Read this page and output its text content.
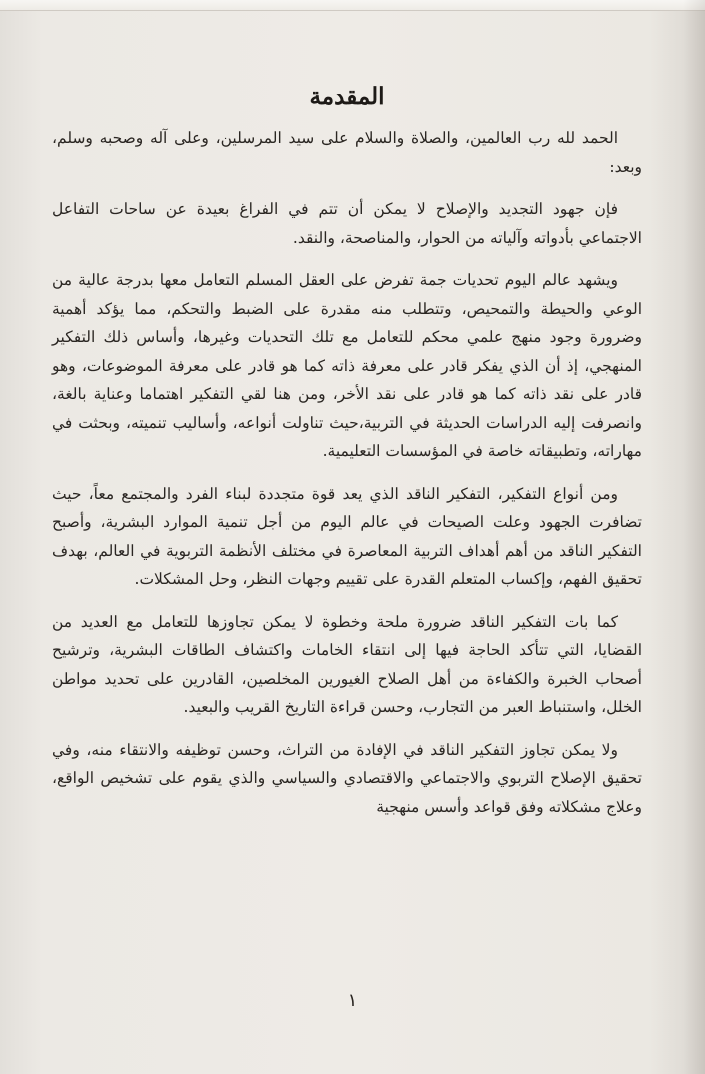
المقدمة

الحمد لله رب العالمين، والصلاة والسلام على سيد المرسلين، وعلى آله وصحبه وسلم، وبعد:

فإن جهود التجديد والإصلاح لا يمكن أن تتم في الفراغ بعيدة عن ساحات التفاعل الاجتماعي بأدواته وآلياته من الحوار، والمناصحة، والنقد.

ويشهد عالم اليوم تحديات جمة تفرض على العقل المسلم التعامل معها بدرجة عالية من الوعي والحيطة والتمحيص، وتتطلب منه مقدرة على الضبط والتحكم، مما يؤكد أهمية وضرورة وجود منهج علمي محكم للتعامل مع تلك التحديات وغيرها، وأساس ذلك التفكير المنهجي، إذ أن الذي يفكر قادر على معرفة ذاته كما هو قادر على معرفة الموضوعات، وهو قادر على نقد ذاته كما هو قادر على نقد الأخر، ومن هنا لقي التفكير اهتماما وعناية بالغة، وانصرفت إليه الدراسات الحديثة في التربية،حيث تناولت أنواعه، وأساليب تنميته، وبحثت في مهاراته، وتطبيقاته خاصة في المؤسسات التعليمية.

ومن أنواع التفكير، التفكير الناقد الذي يعد قوة متجددة لبناء الفرد والمجتمع معاً، حيث تضافرت الجهود وعلت الصيحات في عالم اليوم من أجل تنمية الموارد البشرية، وأصبح التفكير الناقد من أهم أهداف التربية المعاصرة في مختلف الأنظمة التربوية في العالم، بهدف تحقيق الفهم، وإكساب المتعلم القدرة على تقييم وجهات النظر، وحل المشكلات.

كما بات التفكير الناقد ضرورة ملحة وخطوة لا يمكن تجاوزها للتعامل مع العديد من القضايا، التي تتأكد الحاجة فيها إلى انتقاء الخامات واكتشاف الطاقات البشرية، وترشيح أصحاب الخبرة والكفاءة من أهل الصلاح الغيورين المخلصين، القادرين على تحديد مواطن الخلل، واستنباط العبر من التجارب، وحسن قراءة التاريخ القريب والبعيد.

ولا يمكن تجاوز التفكير الناقد في الإفادة من التراث، وحسن توظيفه والانتقاء منه، وفي تحقيق الإصلاح التربوي والاجتماعي والاقتصادي والسياسي والذي يقوم على تشخيص الواقع، وعلاج مشكلاته وفق قواعد وأسس منهجية

١
